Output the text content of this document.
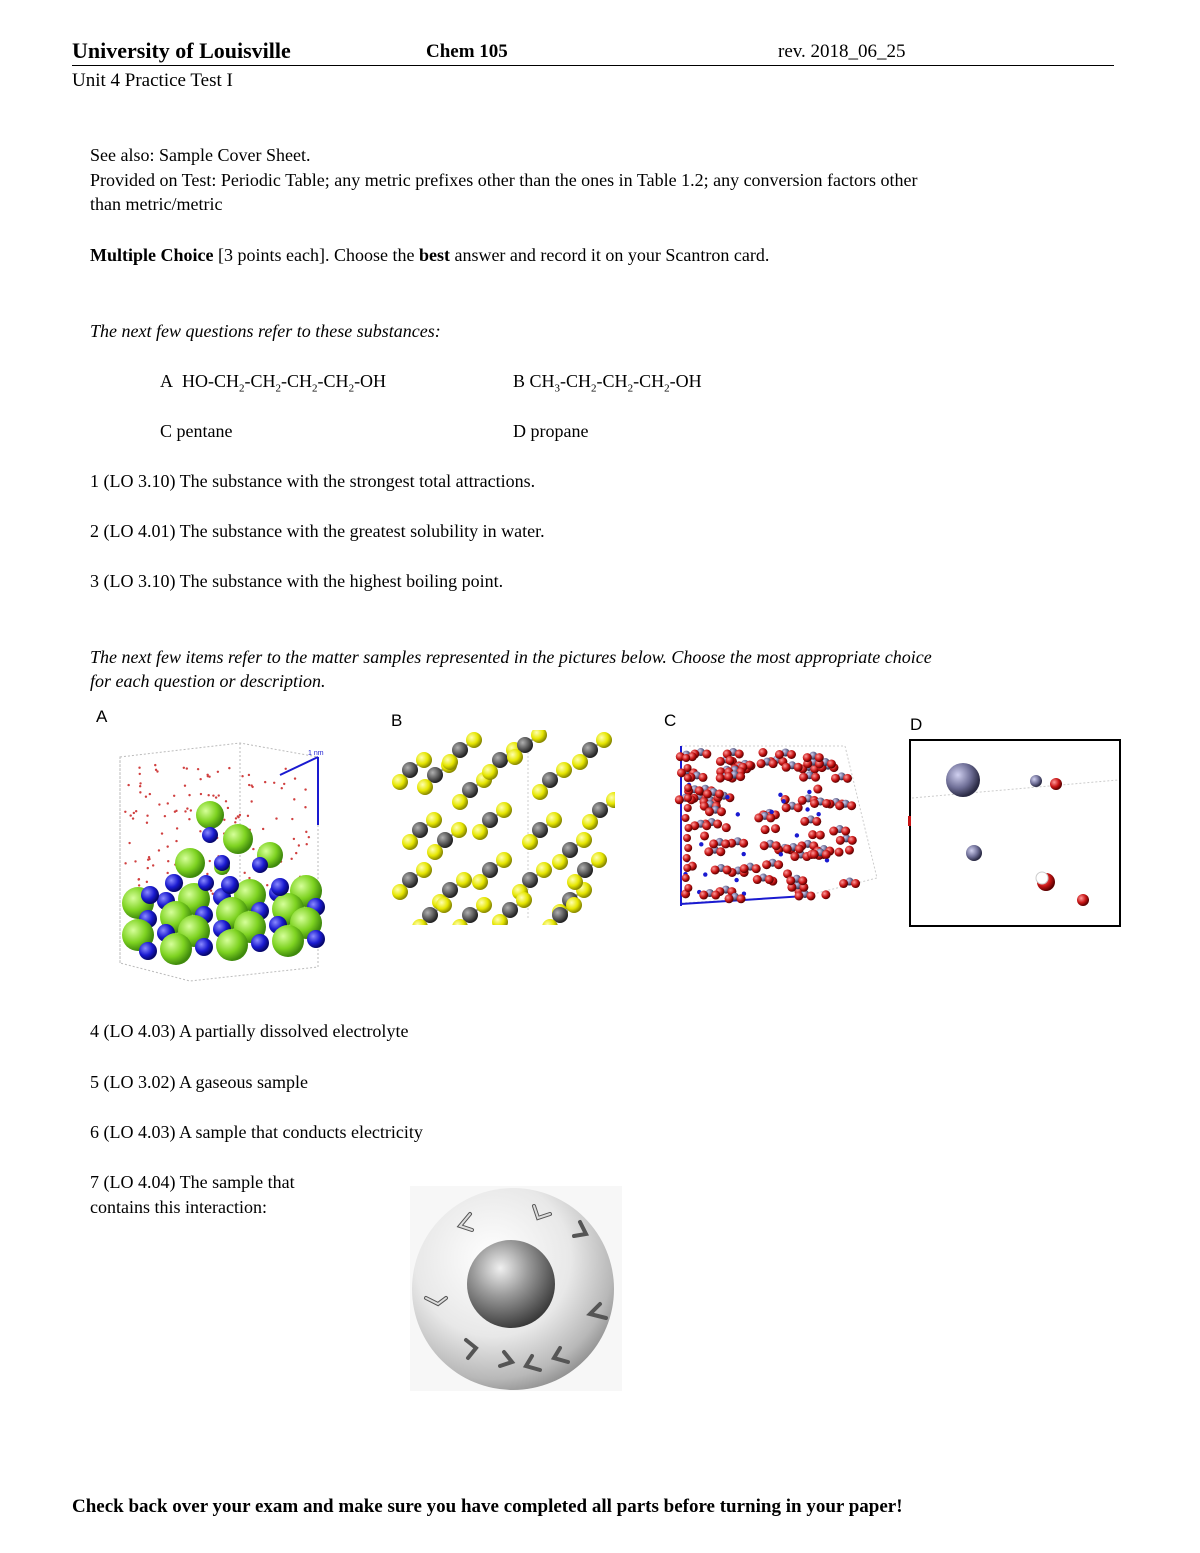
University of Louisville	Chem 105	rev. 2018_06_25
Unit 4 Practice Test I
See also: Sample Cover Sheet.
Provided on Test: Periodic Table; any metric prefixes other than the ones in Table 1.2; any conversion factors other
than metric/metric
Multiple Choice [3 points each]. Choose the best answer and record it on your Scantron card.
The next few questions refer to these substances:
A $HO-CH_2-CH_2-CH_2-CH_2-OH$	B $CH_3-CH_2-CH_2-CH_2-OH$
C pentane	D propane
1 (LO 3.10) The substance with the strongest total attractions.
2 (LO 4.01) The substance with the greatest solubility in water.
3 (LO 3.10) The substance with the highest boiling point.
The next few items refer to the matter samples represented in the pictures below. Choose the most appropriate choice
for each question or description.
A	B	C	D
1 nm
4 (LO 4.03) A partially dissolved electrolyte
5 (LO 3.02) A gaseous sample
6 (LO 4.03) A sample that conducts electricity
7 (LO 4.04) The sample that
contains this interaction:
Check back over your exam and make sure you have completed all parts before turning in your paper!
